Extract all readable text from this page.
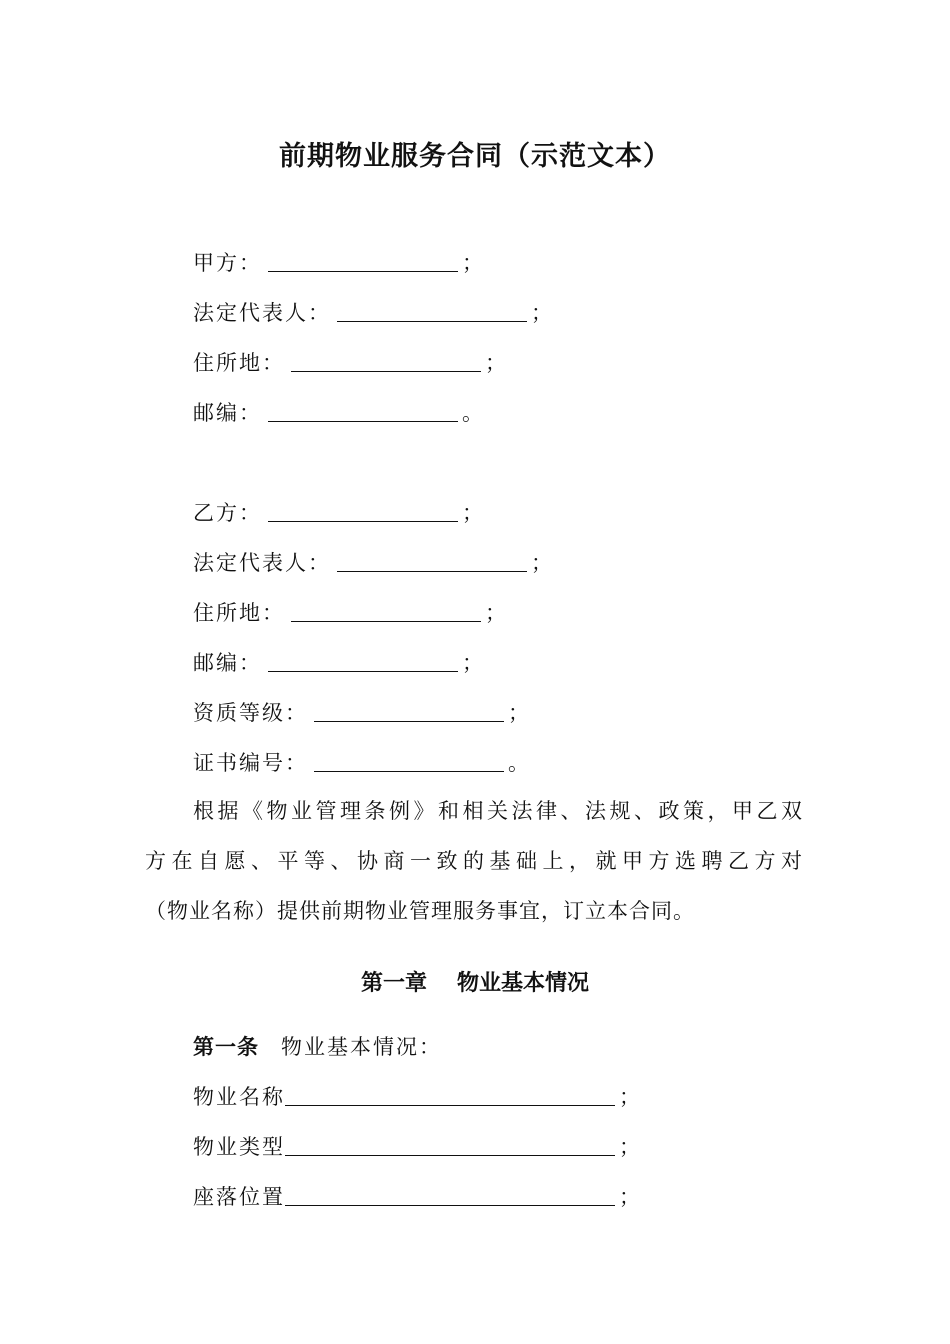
前期物业服务合同（示范文本）
甲方：	；
法定代表人：	；
住所地：	；
邮编：	。
乙方：	；
法定代表人：	；
住所地：	；
邮编：	；
资质等级：	；
证书编号：	。
根据《物业管理条例》和相关法律、法规、政策，甲乙双
方在自愿、平等、协商一致的基础上，就甲方选聘乙方对
（物业名称）提供前期物业管理服务事宜，订立本合同。
第一章 物业基本情况
第一条 物业基本情况：
物业名称	；
物业类型	；
座落位置	；
